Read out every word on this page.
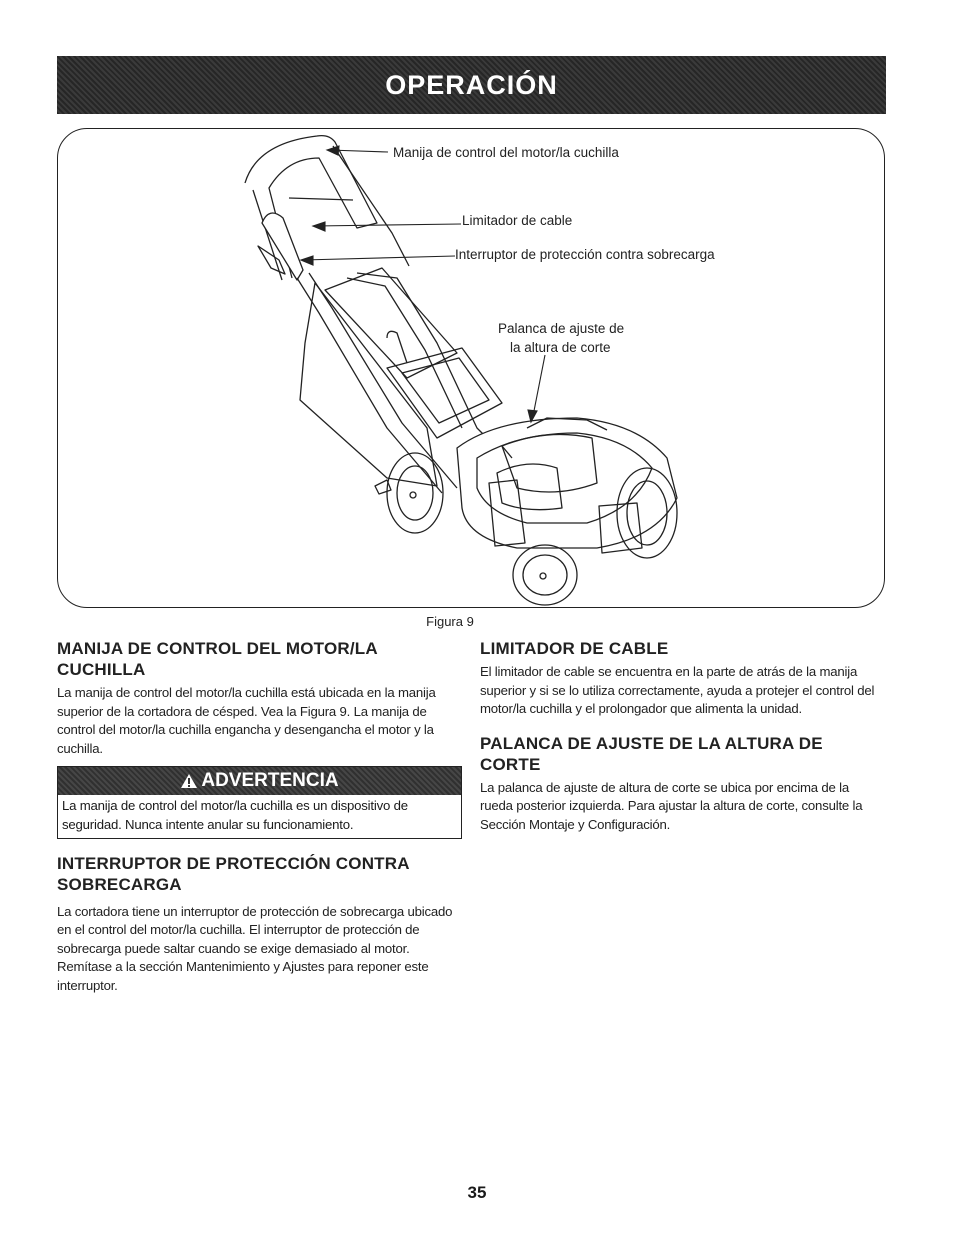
OPERACIÓN
Manija de control del motor/la cuchilla
Limitador de cable
Interruptor de protección contra sobrecarga
Palanca de ajuste de
la altura de corte
Figura 9
MANIJA DE CONTROL DEL MOTOR/LA
CUCHILLA

La manija de control del motor/la cuchilla está ubicada en la manija superior de la cortadora de césped. Vea la Figura 9. La manija de control del motor/la cuchilla engancha y desengancha el motor y la cuchilla.

ADVERTENCIA
La manija de control del motor/la cuchilla es un dispositivo de seguridad. Nunca intente anular su funcionamiento.
INTERRUPTOR DE PROTECCIÓN CONTRA
SOBRECARGA

La cortadora tiene un interruptor de protección de sobrecarga ubicado en el control del motor/la cuchilla. El interruptor de protección de sobrecarga puede saltar cuando se exige demasiado al motor. Remítase a la sección Mantenimiento y Ajustes para reponer este interruptor.

LIMITADOR DE CABLE

El limitador de cable se encuentra en la parte de atrás de la manija superior y si se lo utiliza correctamente, ayuda a protejer el control del motor/la cuchilla y el prolongador que alimenta la unidad.

PALANCA DE AJUSTE DE LA ALTURA DE
CORTE

La palanca de ajuste de altura de corte se ubica por encima de la rueda posterior izquierda. Para ajustar la altura de corte, consulte la Sección Montaje y Configuración.

35
